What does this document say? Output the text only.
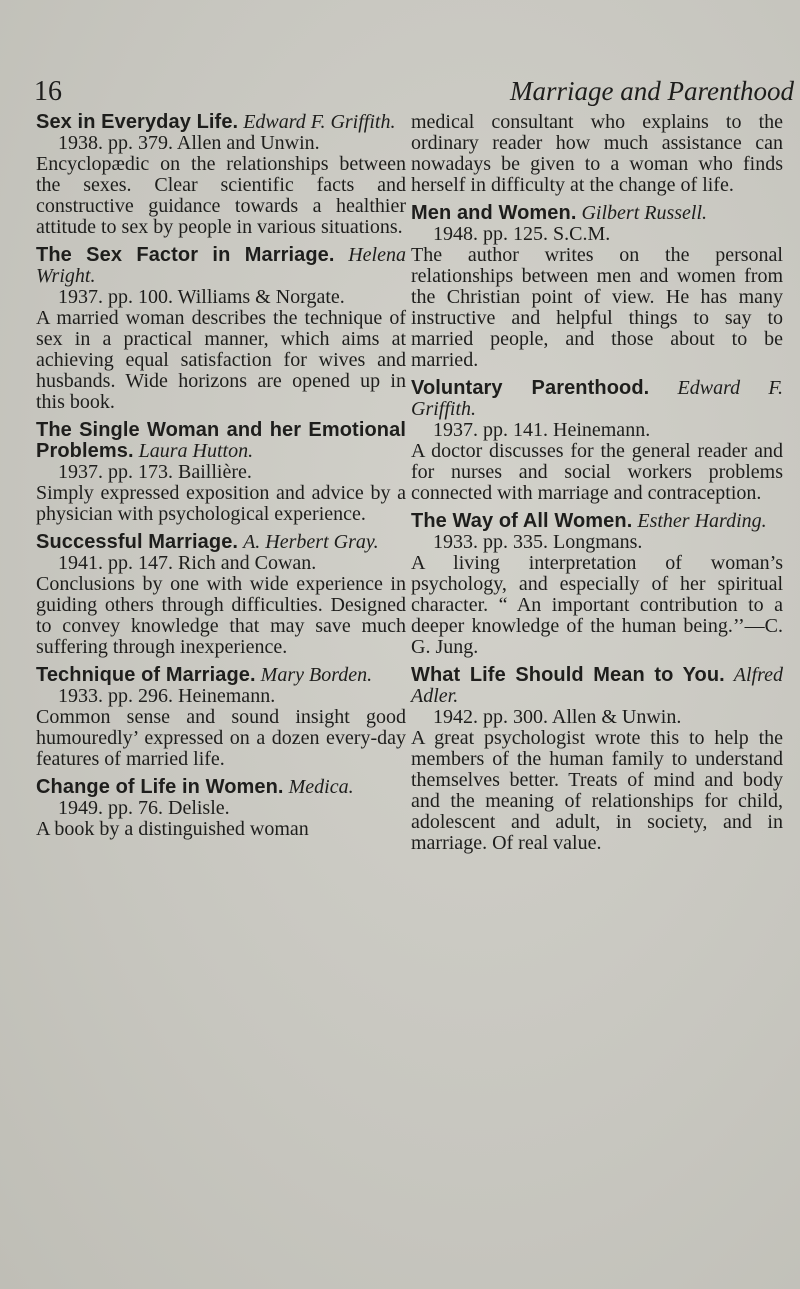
16	Marriage and Parenthood
Sex in Everyday Life. Edward F. Griffith.
1938. pp. 379. Allen and Unwin.

Encyclopædic on the relationships between the sexes. Clear scientific facts and constructive guidance towards a healthier attitude to sex by people in various situations.

The Sex Factor in Marriage. Helena Wright.
1937. pp. 100. Williams & Norgate.

A married woman describes the technique of sex in a practical manner, which aims at achieving equal satisfaction for wives and husbands. Wide horizons are opened up in this book.

The Single Woman and her Emotional Problems. Laura Hutton.
1937. pp. 173. Baillière.

Simply expressed exposition and advice by a physician with psychological experience.

Successful Marriage. A. Herbert Gray.
1941. pp. 147. Rich and Cowan.

Conclusions by one with wide experience in guiding others through difficulties. Designed to convey knowledge that may save much suffering through inexperience.

Technique of Marriage. Mary Borden.
1933. pp. 296. Heinemann.

Common sense and sound insight good humouredly’ expressed on a dozen every-day features of married life.

Change of Life in Women. Medica.
1949. pp. 76. Delisle.

A book by a distinguished woman

medical consultant who explains to the ordinary reader how much assistance can nowadays be given to a woman who finds herself in difficulty at the change of life.

Men and Women. Gilbert Russell.
1948. pp. 125. S.C.M.

The author writes on the personal relationships between men and women from the Christian point of view. He has many instructive and helpful things to say to married people, and those about to be married.

Voluntary Parenthood. Edward F. Griffith.
1937. pp. 141. Heinemann.

A doctor discusses for the general reader and for nurses and social workers problems connected with marriage and contraception.

The Way of All Women. Esther Harding.
1933. pp. 335. Longmans.

A living interpretation of woman’s psychology, and especially of her spiritual character. “ An important contribution to a deeper knowledge of the human being.’’—C. G. Jung.

What Life Should Mean to You. Alfred Adler.
1942. pp. 300. Allen & Unwin.

A great psychologist wrote this to help the members of the human family to understand themselves better. Treats of mind and body and the meaning of relationships for child, adolescent and adult, in society, and in marriage. Of real value.
